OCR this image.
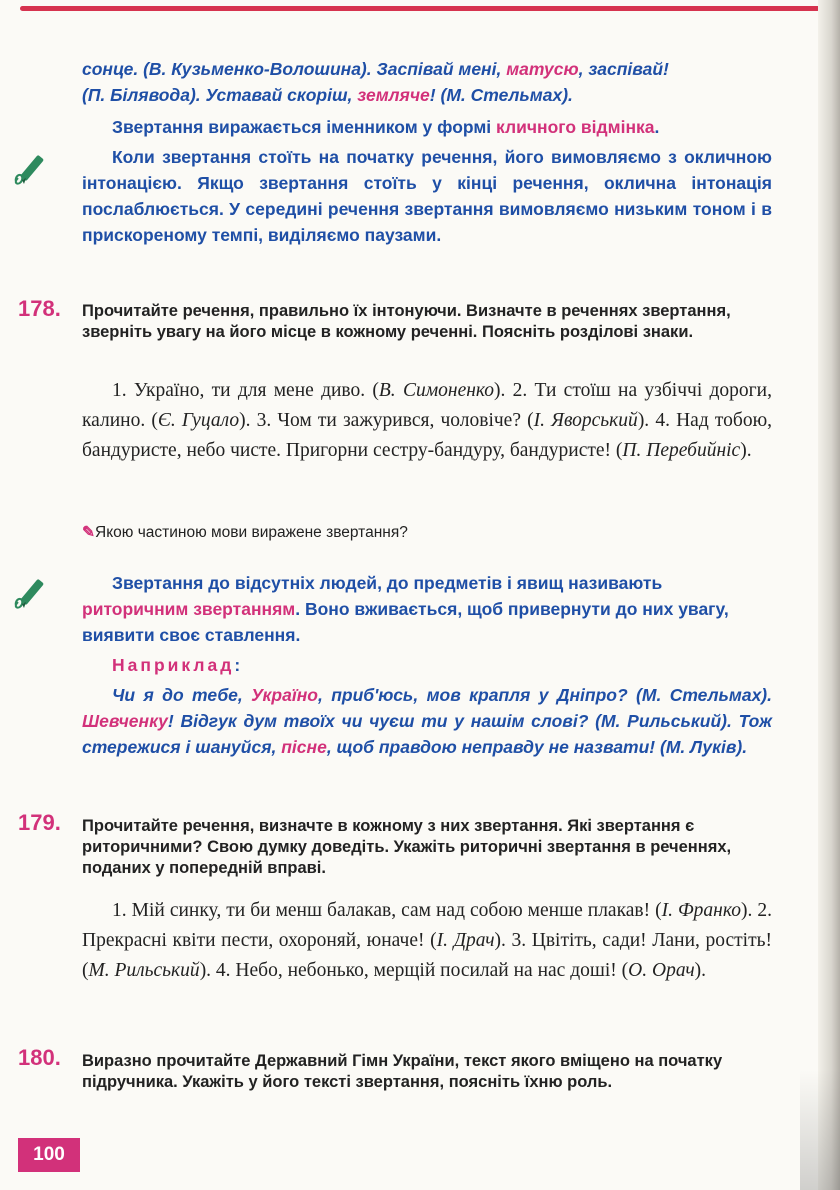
сонце. (В. Кузьменко-Волошина). Заспівай мені, матусю, заспівай!

(П. Білявода). Уставай скоріш, земляче! (М. Стельмах).

Звертання виражається іменником у формі кличного відмінка.

Коли звертання стоїть на початку речення, його вимовляємо з окличною інтонацією. Якщо звертання стоїть у кінці речення, оклична інтонація послаблюється. У середині речення звертання вимовляємо низьким тоном і в прискореному темпі, виділяємо паузами.

178. Прочитайте речення, правильно їх інтонуючи. Визначте в реченнях звертання, зверніть увагу на його місце в кожному реченні. Поясніть розділові знаки.

1. Україно, ти для мене диво. (В. Симоненко). 2. Ти стоїш на узбіччі дороги, калино. (Є. Гуцало). 3. Чом ти зажурився, чоловіче? (І. Яворський). 4. Над тобою, бандуристе, небо чисте. Пригорни сестру-бандуру, бандуристе! (П. Перебийніс).

✎Якою частиною мови виражене звертання?

Звертання до відсутніх людей, до предметів і явищ називають риторичним звертанням. Воно вживається, щоб привернути до них увагу, виявити своє ставлення.

Наприклад:

Чи я до тебе, Україно, приб'юсь, мов крапля у Дніпро? (М. Стельмах). Шевченку! Відгук дум твоїх чи чуєш ти у нашім слові? (М. Рильський). Тож стережися і шануйся, пісне, щоб правдою неправду не назвати! (М. Луків).

179. Прочитайте речення, визначте в кожному з них звертання. Які звертання є риторичними? Свою думку доведіть. Укажіть риторичні звертання в реченнях, поданих у попередній вправі.

1. Мій синку, ти би менш балакав, сам над собою менше плакав! (І. Франко). 2. Прекрасні квіти пести, охороняй, юначе! (І. Драч). 3. Цвітіть, сади! Лани, ростіть! (М. Рильський). 4. Небо, небонько, мерщій посилай на нас доші! (О. Орач).

180. Виразно прочитайте Державний Гімн України, текст якого вміщено на початку підручника. Укажіть у його тексті звертання, поясніть їхню роль.

100
